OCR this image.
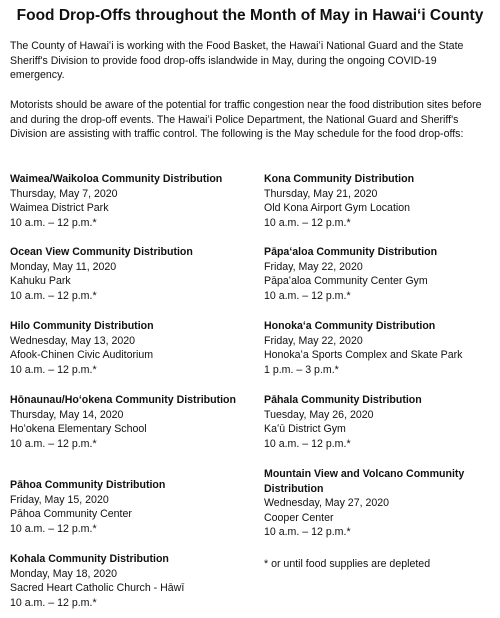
Food Drop-Offs throughout the Month of May in Hawaiʻi County
The County of Hawaiʻi is working with the Food Basket, the Hawaiʻi National Guard and the State Sheriff's Division to provide food drop-offs islandwide in May, during the ongoing COVID-19 emergency.
Motorists should be aware of the potential for traffic congestion near the food distribution sites before and during the drop-off events. The Hawaiʻi Police Department, the National Guard and Sheriff's Division are assisting with traffic control. The following is the May schedule for the food drop-offs:
Waimea/Waikoloa Community Distribution
Thursday, May 7, 2020
Waimea District Park
10 a.m. – 12 p.m.*
Ocean View Community Distribution
Monday, May 11, 2020
Kahuku Park
10 a.m. – 12 p.m.*
Hilo Community Distribution
Wednesday, May 13, 2020
Afook-Chinen Civic Auditorium
10 a.m. – 12 p.m.*
Hōnaunau/Hoʻokena Community Distribution
Thursday, May 14, 2020
Hoʻokena Elementary School
10 a.m. – 12 p.m.*
Pāhoa Community Distribution
Friday, May 15, 2020
Pāhoa Community Center
10 a.m. – 12 p.m.*
Kohala Community Distribution
Monday, May 18, 2020
Sacred Heart Catholic Church - Hāwī
10 a.m. – 12 p.m.*
Kona Community Distribution
Thursday, May 21, 2020
Old Kona Airport Gym Location
10 a.m. – 12 p.m.*
Pāpaʻaloa Community Distribution
Friday, May 22, 2020
Pāpaʻaloa Community Center Gym
10 a.m. – 12 p.m.*
Honokaʻa Community Distribution
Friday, May 22, 2020
Honokaʻa Sports Complex and Skate Park
1 p.m. – 3 p.m.*
Pāhala Community Distribution
Tuesday, May 26, 2020
Kaʻū District Gym
10 a.m. – 12 p.m.*
Mountain View and Volcano Community Distribution
Wednesday, May 27, 2020
Cooper Center
10 a.m. – 12 p.m.*
* or until food supplies are depleted
